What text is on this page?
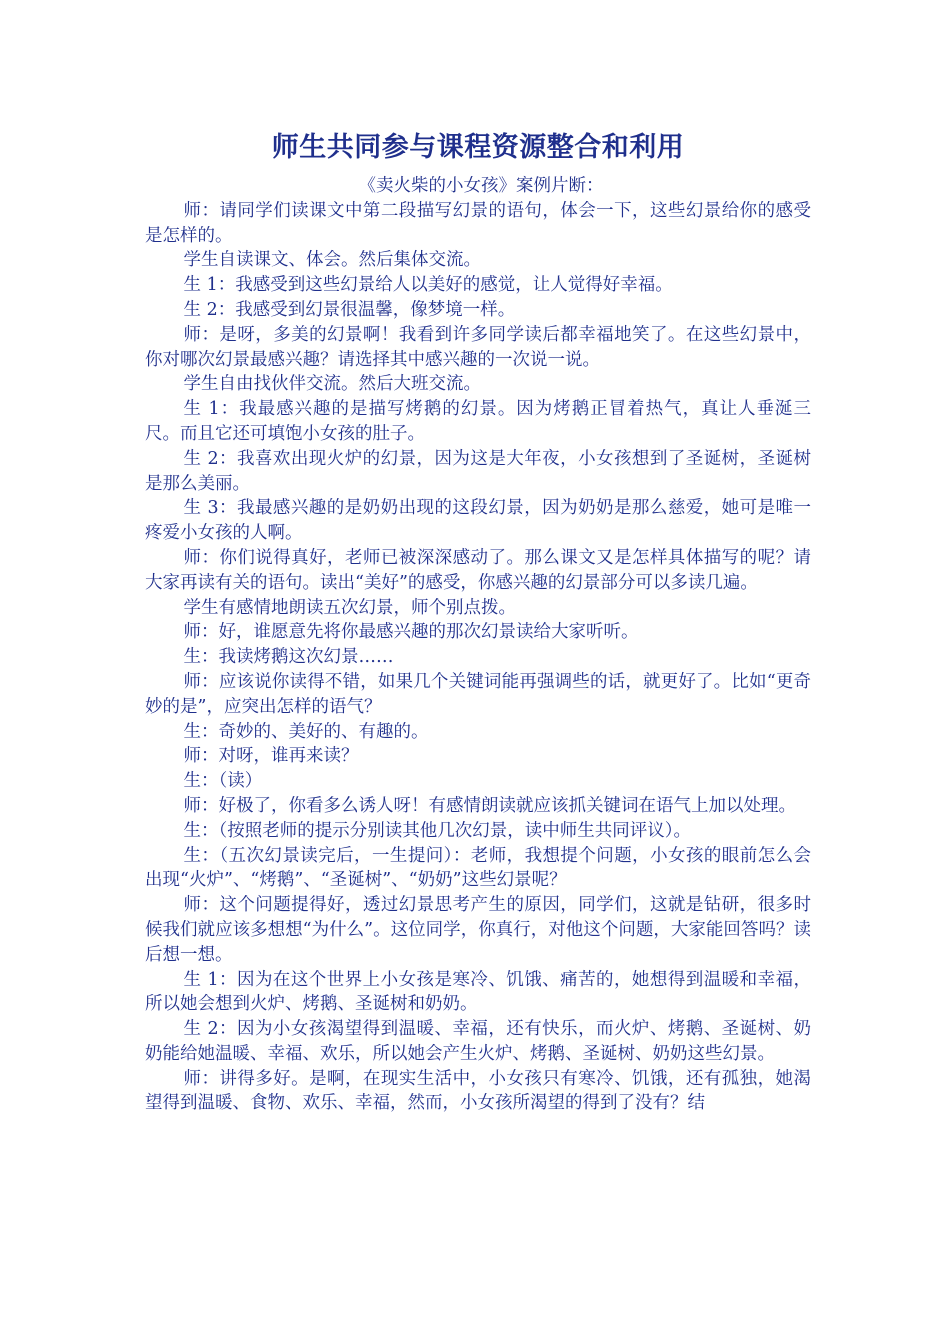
师生共同参与课程资源整合和利用

《卖火柴的小女孩》案例片断：

师：请同学们读课文中第二段描写幻景的语句，体会一下，这些幻景给你的感受是怎样的。

学生自读课文、体会。然后集体交流。

生 1：我感受到这些幻景给人以美好的感觉，让人觉得好幸福。

生 2：我感受到幻景很温馨，像梦境一样。

师：是呀，多美的幻景啊！我看到许多同学读后都幸福地笑了。在这些幻景中，你对哪次幻景最感兴趣？请选择其中感兴趣的一次说一说。

学生自由找伙伴交流。然后大班交流。

生 1：我最感兴趣的是描写烤鹅的幻景。因为烤鹅正冒着热气，真让人垂涎三尺。而且它还可填饱小女孩的肚子。

生 2：我喜欢出现火炉的幻景，因为这是大年夜，小女孩想到了圣诞树，圣诞树是那么美丽。

生 3：我最感兴趣的是奶奶出现的这段幻景，因为奶奶是那么慈爱，她可是唯一疼爱小女孩的人啊。

师：你们说得真好，老师已被深深感动了。那么课文又是怎样具体描写的呢？请大家再读有关的语句。读出“美好”的感受，你感兴趣的幻景部分可以多读几遍。

学生有感情地朗读五次幻景，师个别点拨。

师：好，谁愿意先将你最感兴趣的那次幻景读给大家听听。

生：我读烤鹅这次幻景……

师：应该说你读得不错，如果几个关键词能再强调些的话，就更好了。比如“更奇妙的是”，应突出怎样的语气？

生：奇妙的、美好的、有趣的。

师：对呀，谁再来读？

生：（读）

师：好极了，你看多么诱人呀！有感情朗读就应该抓关键词在语气上加以处理。

生：（按照老师的提示分别读其他几次幻景，读中师生共同评议）。

生：（五次幻景读完后，一生提问）：老师，我想提个问题，小女孩的眼前怎么会出现“火炉”、“烤鹅”、“圣诞树”、“奶奶”这些幻景呢？

师：这个问题提得好，透过幻景思考产生的原因，同学们，这就是钻研，很多时候我们就应该多想想“为什么”。这位同学，你真行，对他这个问题，大家能回答吗？读后想一想。

生 1：因为在这个世界上小女孩是寒冷、饥饿、痛苦的，她想得到温暖和幸福，所以她会想到火炉、烤鹅、圣诞树和奶奶。

生 2：因为小女孩渴望得到温暖、幸福，还有快乐，而火炉、烤鹅、圣诞树、奶奶能给她温暖、幸福、欢乐，所以她会产生火炉、烤鹅、圣诞树、奶奶这些幻景。

师：讲得多好。是啊，在现实生活中，小女孩只有寒冷、饥饿，还有孤独，她渴望得到温暖、食物、欢乐、幸福，然而，小女孩所渴望的得到了没有？结
